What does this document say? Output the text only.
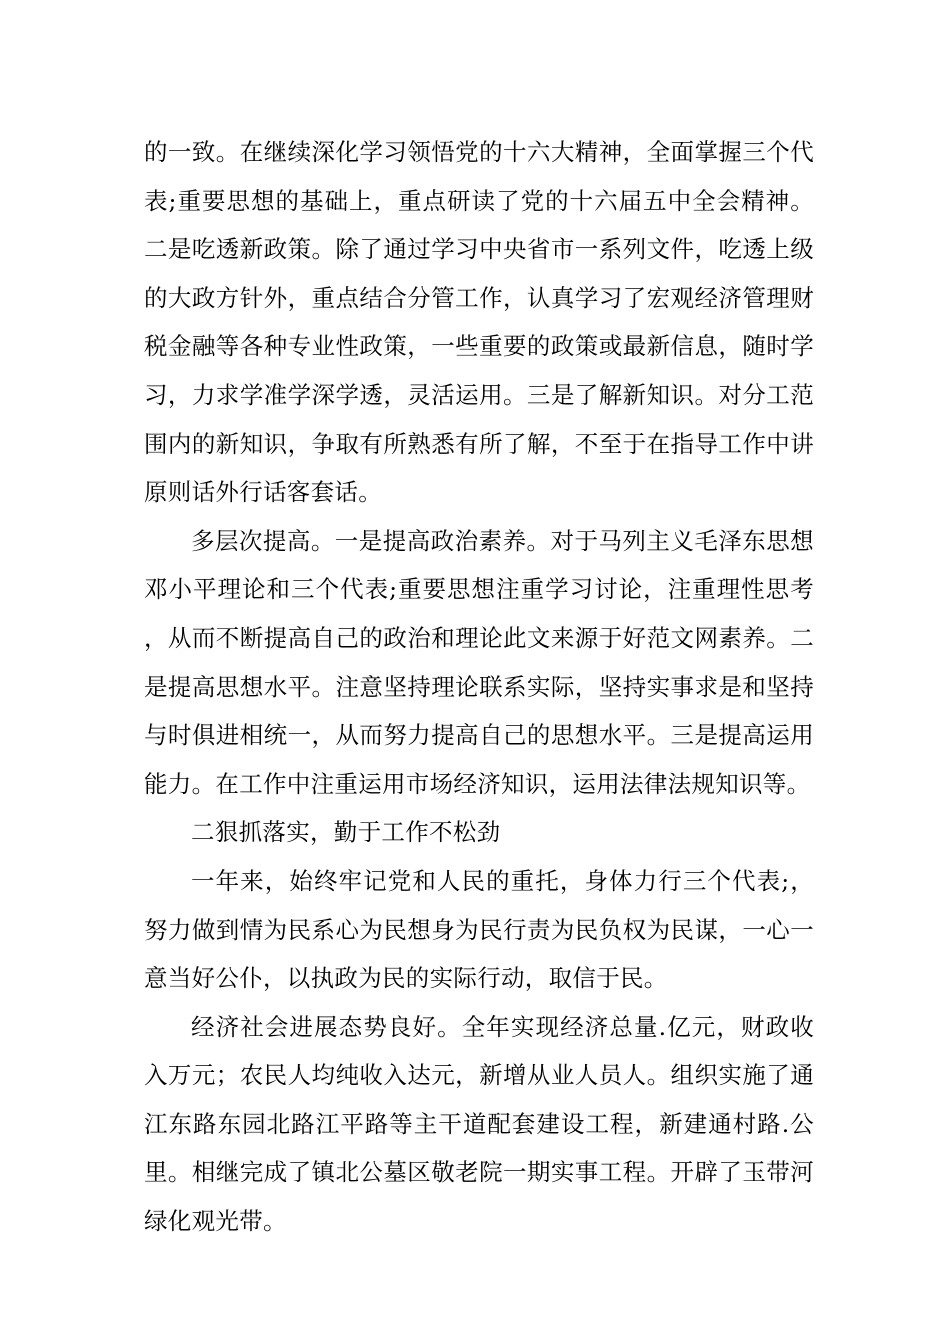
的一致。在继续深化学习领悟党的十六大精神，全面掌握三个代表;重要思想的基础上，重点研读了党的十六届五中全会精神。二是吃透新政策。除了通过学习中央省市一系列文件，吃透上级的大政方针外，重点结合分管工作，认真学习了宏观经济管理财税金融等各种专业性政策，一些重要的政策或最新信息，随时学习，力求学准学深学透，灵活运用。三是了解新知识。对分工范围内的新知识，争取有所熟悉有所了解，不至于在指导工作中讲原则话外行话客套话。

多层次提高。一是提高政治素养。对于马列主义毛泽东思想邓小平理论和三个代表;重要思想注重学习讨论，注重理性思考，从而不断提高自己的政治和理论此文来源于好范文网素养。二是提高思想水平。注意坚持理论联系实际，坚持实事求是和坚持与时俱进相统一，从而努力提高自己的思想水平。三是提高运用能力。在工作中注重运用市场经济知识，运用法律法规知识等。

二狠抓落实，勤于工作不松劲

一年来，始终牢记党和人民的重托，身体力行三个代表;，努力做到情为民系心为民想身为民行责为民负权为民谋，一心一意当好公仆，以执政为民的实际行动，取信于民。

经济社会进展态势良好。全年实现经济总量.亿元，财政收入万元；农民人均纯收入达元，新增从业人员人。组织实施了通江东路东园北路江平路等主干道配套建设工程，新建通村路.公里。相继完成了镇北公墓区敬老院一期实事工程。开辟了玉带河绿化观光带。
